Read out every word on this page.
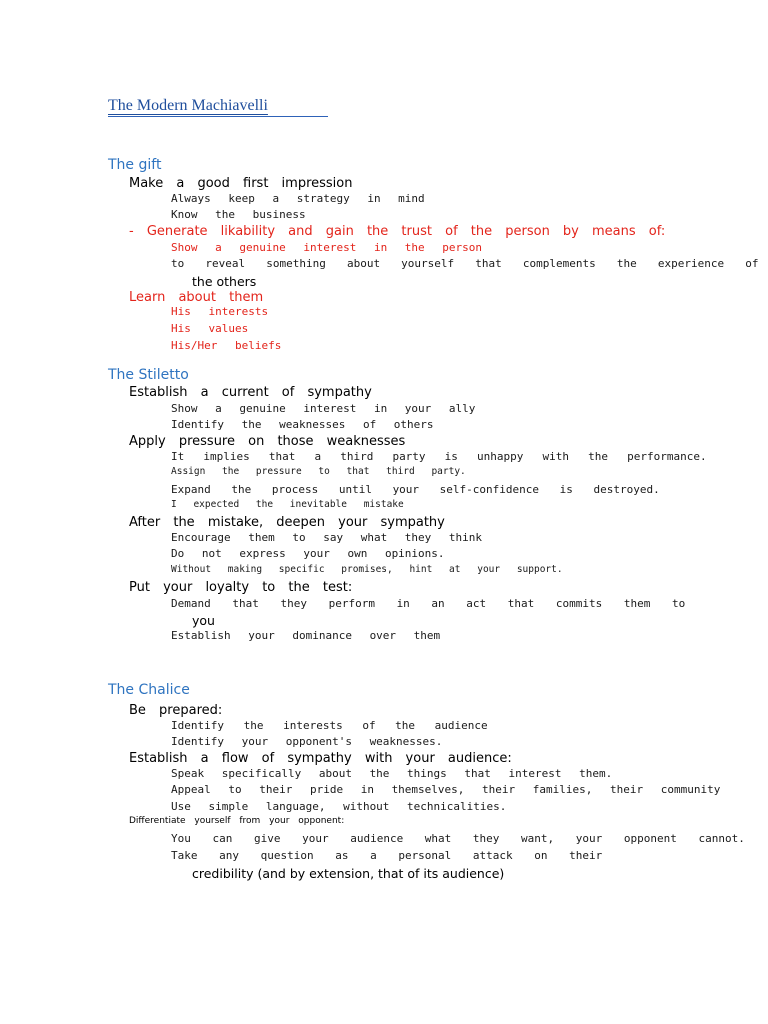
The Modern Machiavelli
The gift
Make a good first impression
Always keep a strategy in mind
Know the business
- Generate likability and gain the trust of the person by means of:
Show a genuine interest in the person
to reveal something about yourself that complements the experience of
the others
Learn about them
His interests
His values
His/Her beliefs
The Stiletto
Establish a current of sympathy
Show a genuine interest in your ally
Identify the weaknesses of others
Apply pressure on those weaknesses
It implies that a third party is unhappy with the performance.
Assign the pressure to that third party.
Expand the process until your self-confidence is destroyed.
I expected the inevitable mistake
After the mistake, deepen your sympathy
Encourage them to say what they think
Do not express your own opinions.
Without making specific promises, hint at your support.
Put your loyalty to the test:
Demand that they perform in an act that commits them to
you
Establish your dominance over them
The Chalice
Be prepared:
Identify the interests of the audience
Identify your opponent's weaknesses.
Establish a flow of sympathy with your audience:
Speak specifically about the things that interest them.
Appeal to their pride in themselves, their families, their community
Use simple language, without technicalities.
Differentiate yourself from your opponent:
You can give your audience what they want, your opponent cannot.
Take any question as a personal attack on their
credibility (and by extension, that of its audience)
